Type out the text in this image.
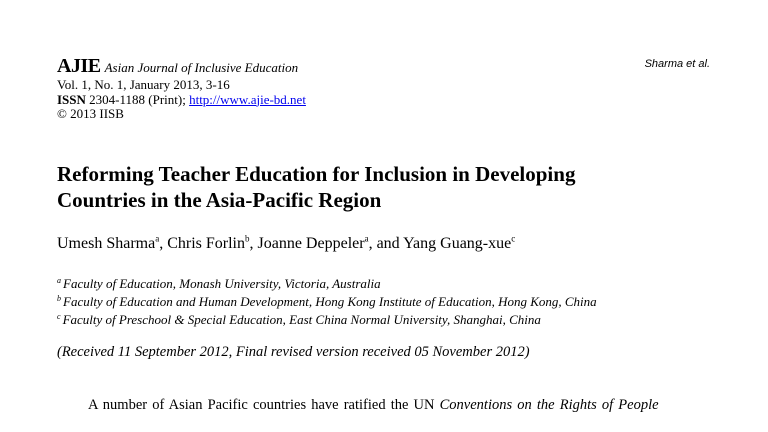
Sharma et al.
AJIE Asian Journal of Inclusive Education
Vol. 1, No. 1, January 2013, 3-16
ISSN 2304-1188 (Print); http://www.ajie-bd.net
© 2013 IISB
Reforming Teacher Education for Inclusion in Developing
Countries in the Asia-Pacific Region
Umesh Sharma$^a$, Chris Forlin$^b$, Joanne Deppeler$^a$, and Yang Guang-xue$^c$
$^a$ Faculty of Education, Monash University, Victoria, Australia
$^b$ Faculty of Education and Human Development, Hong Kong Institute of Education, Hong Kong, China
$^c$ Faculty of Preschool & Special Education, East China Normal University, Shanghai, China
(Received 11 September 2012, Final revised version received 05 November 2012)
A number of Asian Pacific countries have ratified the UN Conventions on the Rights of People
